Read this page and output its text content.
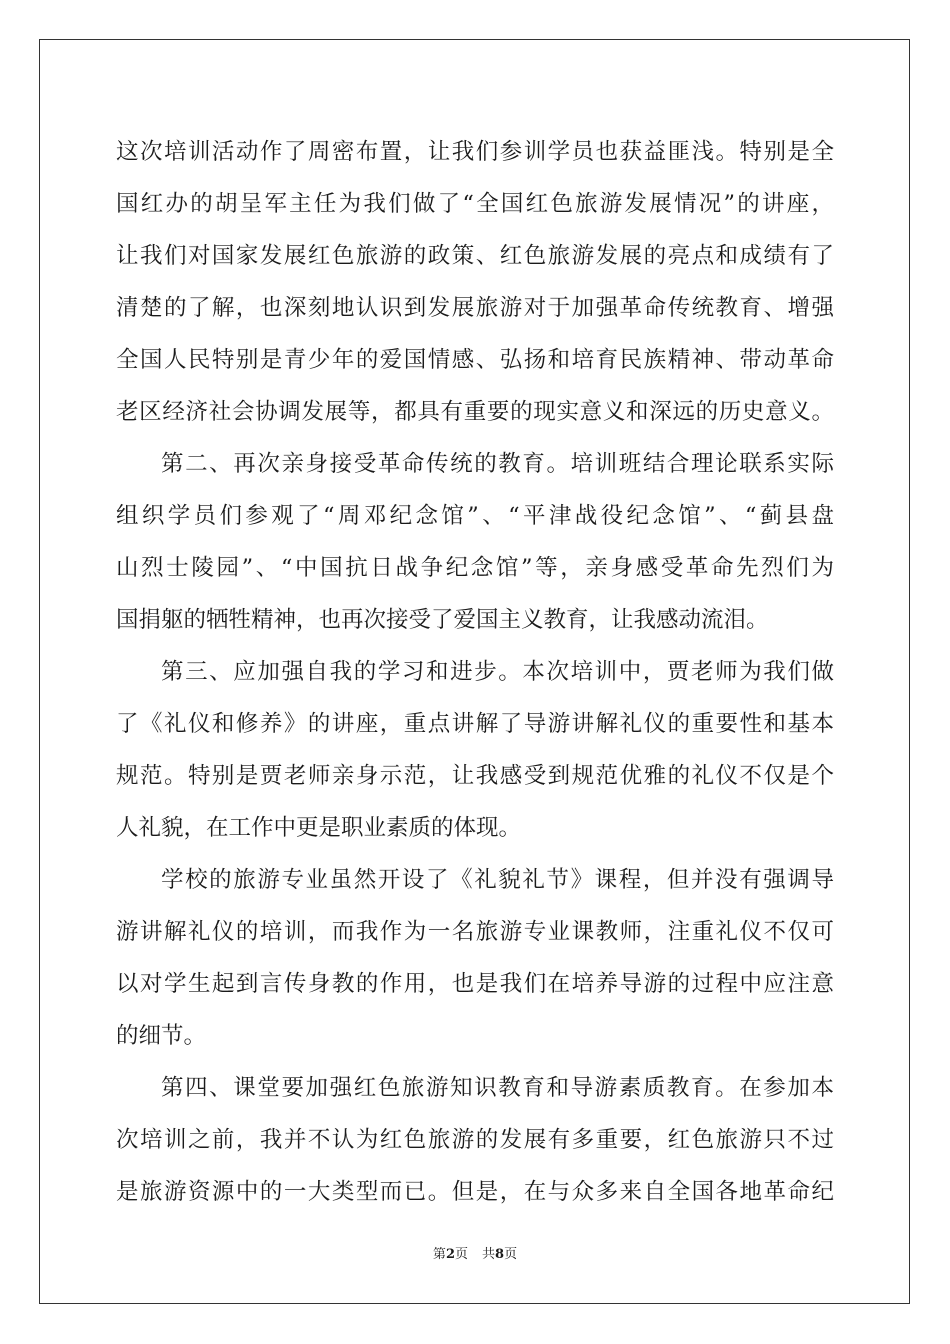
这次培训活动作了周密布置，让我们参训学员也获益匪浅。特别是全
国红办的胡呈军主任为我们做了“全国红色旅游发展情况”的讲座，
让我们对国家发展红色旅游的政策、红色旅游发展的亮点和成绩有了
清楚的了解，也深刻地认识到发展旅游对于加强革命传统教育、增强
全国人民特别是青少年的爱国情感、弘扬和培育民族精神、带动革命
老区经济社会协调发展等，都具有重要的现实意义和深远的历史意义。
第二、再次亲身接受革命传统的教育。培训班结合理论联系实际
组织学员们参观了“周邓纪念馆”、“平津战役纪念馆”、“蓟县盘
山烈士陵园”、“中国抗日战争纪念馆”等，亲身感受革命先烈们为
国捐躯的牺牲精神，也再次接受了爱国主义教育，让我感动流泪。
第三、应加强自我的学习和进步。本次培训中，贾老师为我们做
了《礼仪和修养》的讲座，重点讲解了导游讲解礼仪的重要性和基本
规范。特别是贾老师亲身示范，让我感受到规范优雅的礼仪不仅是个
人礼貌，在工作中更是职业素质的体现。
学校的旅游专业虽然开设了《礼貌礼节》课程，但并没有强调导
游讲解礼仪的培训，而我作为一名旅游专业课教师，注重礼仪不仅可
以对学生起到言传身教的作用，也是我们在培养导游的过程中应注意
的细节。
第四、课堂要加强红色旅游知识教育和导游素质教育。在参加本
次培训之前，我并不认为红色旅游的发展有多重要，红色旅游只不过
是旅游资源中的一大类型而已。但是，在与众多来自全国各地革命纪
第2页 共8页
